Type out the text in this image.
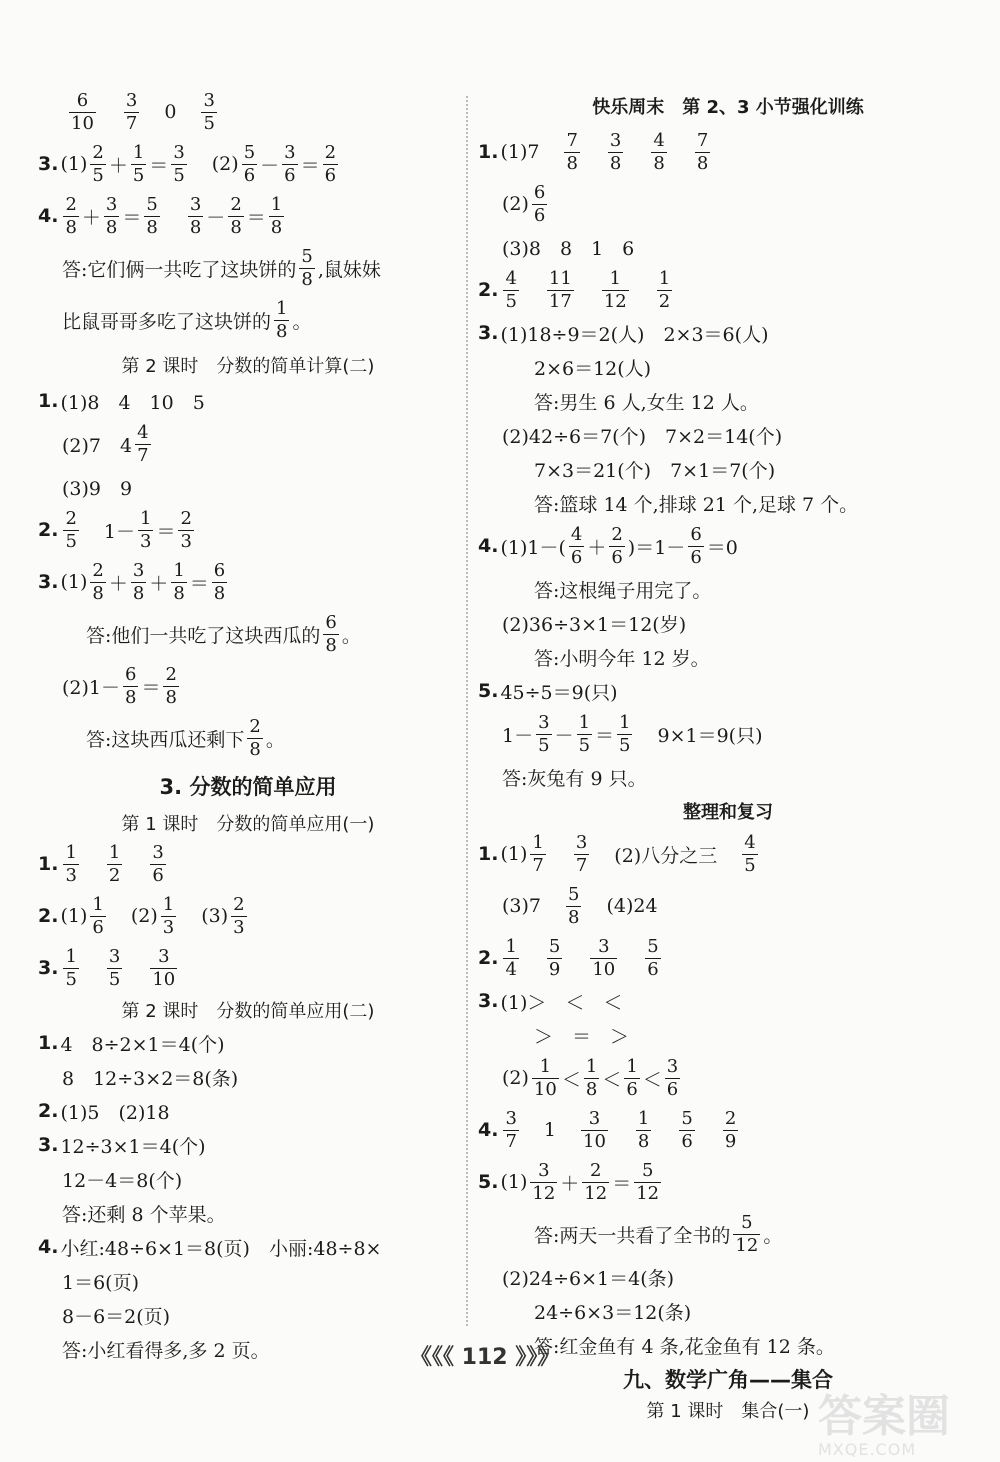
$\frac{6}{10} \frac{3}{7} 0 \frac{3}{5}$
3. $(1) \frac{2}{5} + \frac{1}{5} = \frac{3}{5} (2) \frac{5}{6} - \frac{3}{6} = \frac{2}{6}$
4. $\frac{2}{8} + \frac{3}{8} = \frac{5}{8} \frac{3}{8} - \frac{2}{8} = \frac{1}{8}$
答:它们俩一共吃了这块饼的 $\frac{5}{8}$ ,鼠妹妹
比鼠哥哥多吃了这块饼的 $\frac{1}{8}$ 。
第 2 课时　分数的简单计算(二)
1. (1)8　4　10　5
(2)7　$4 \frac{4}{7}$
(3)9　9
2. $\frac{2}{5} 1- \frac{1}{3} = \frac{2}{3}$
3. $(1) \frac{2}{8} + \frac{3}{8} + \frac{1}{8} = \frac{6}{8}$
答:他们一共吃了这块西瓜的 $\frac{6}{8}$ 。
$(2)1- \frac{6}{8} = \frac{2}{8}$
答:这块西瓜还剩下 $\frac{2}{8}$ 。
3. 分数的简单应用
第 1 课时　分数的简单应用(一)
1. $\frac{1}{3} \frac{1}{2} \frac{3}{6}$
2. $(1) \frac{1}{6} (2) \frac{1}{3} (3) \frac{2}{3}$
3. $\frac{1}{5} \frac{3}{5} \frac{3}{10}$
第 2 课时　分数的简单应用(二)
1. 4　8÷2×1＝4(个)
8　12÷3×2＝8(条)
2. (1)5　(2)18
3. 12÷3×1＝4(个)
12－4＝8(个)
答:还剩 8 个苹果。
4. 小红:48÷6×1＝8(页)　小丽:48÷8×
1＝6(页)
8－6＝2(页)
答:小红看得多,多 2 页。
快乐周末　第 2、3 小节强化训练
1. $(1)7 \frac{7}{8} \frac{3}{8} \frac{4}{8} \frac{7}{8}$
$(2) \frac{6}{6}$
(3)8　8　1　6
2. $\frac{4}{5} \frac{11}{17} \frac{1}{12} \frac{1}{2}$
3. (1)18÷9＝2(人)　2×3＝6(人)
2×6＝12(人)
答:男生 6 人,女生 12 人。
(2)42÷6＝7(个)　7×2＝14(个)
7×3＝21(个)　7×1＝7(个)
答:篮球 14 个,排球 21 个,足球 7 个。
4. $(1)1-( \frac{4}{6} + \frac{2}{6} )=1- \frac{6}{6} =0$
答:这根绳子用完了。
(2)36÷3×1＝12(岁)
答:小明今年 12 岁。
5. 45÷5＝9(只)
$1- \frac{3}{5} - \frac{1}{5} = \frac{1}{5} 9\times 1=9$(只)
答:灰兔有 9 只。
整理和复习
1. $(1) \frac{1}{7} \frac{3}{7} (2)$八分之三 $\frac{4}{5}$
$(3)7 \frac{5}{8} (4)24$
2. $\frac{1}{4} \frac{5}{9} \frac{3}{10} \frac{5}{6}$
3. (1)＞　＜　＜
＞　＝　＞
$(2) \frac{1}{10} < \frac{1}{8} < \frac{1}{6} < \frac{3}{6}$
4. $\frac{3}{7} 1 \frac{3}{10} \frac{1}{8} \frac{5}{6} \frac{2}{9}$
5. $(1) \frac{3}{12} + \frac{2}{12} = \frac{5}{12}$
答:两天一共看了全书的 $\frac{5}{12}$ 。
(2)24÷6×1＝4(条)
24÷6×3＝12(条)
答:红金鱼有 4 条,花金鱼有 12 条。
九、数学广角——集合
第 1 课时　集合(一)
《《《 112 》》》
答案圈
MXQE.COM
